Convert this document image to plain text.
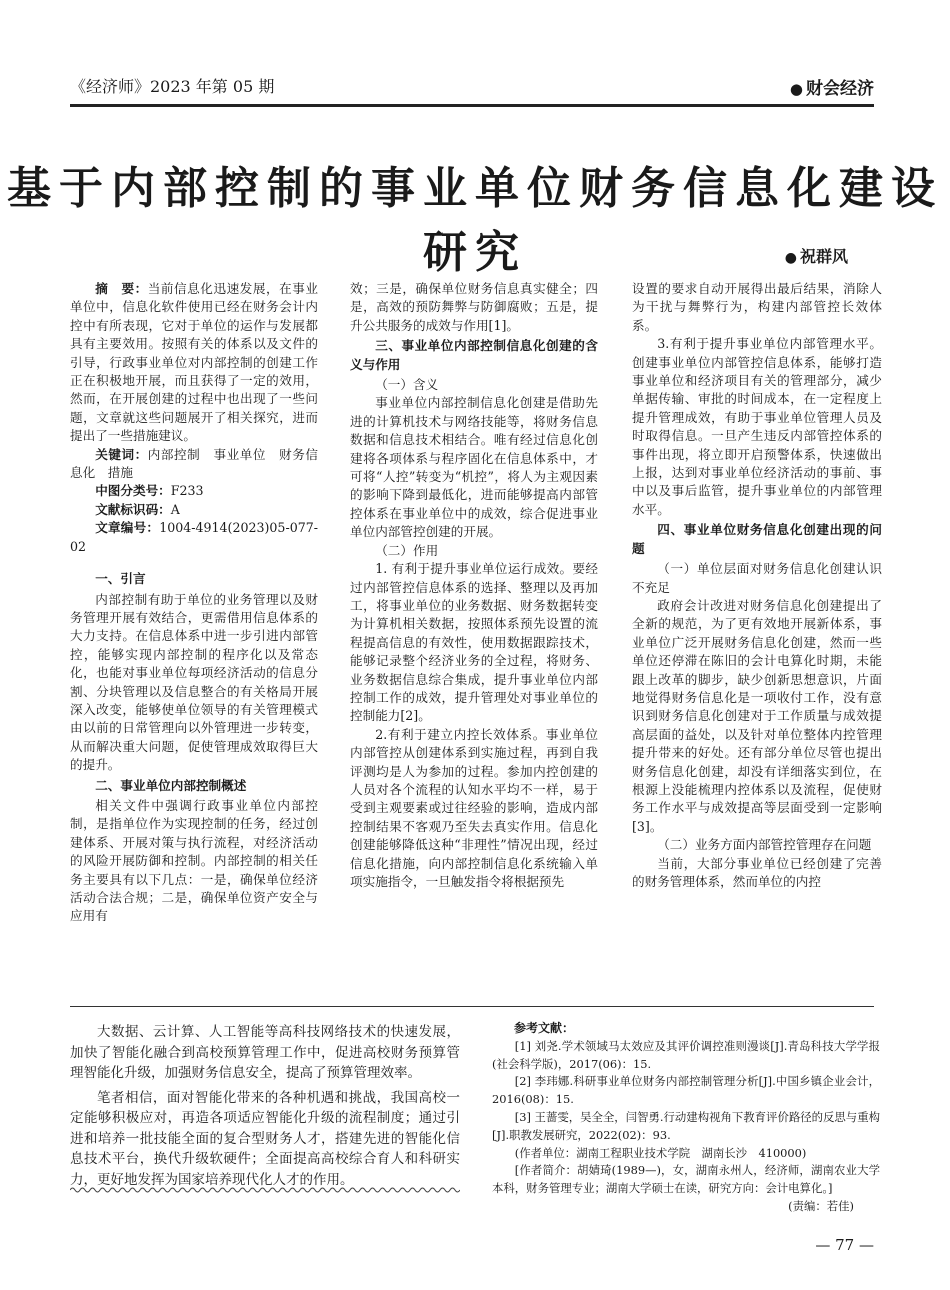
《经济师》2023 年第 05 期	● 财会经济
基于内部控制的事业单位财务信息化建设研究	● 祝群风

摘　要：当前信息化迅速发展，在事业单位中，信息化软件使用已经在财务会计内控中有所表现，它对于单位的运作与发展都具有主要效用。按照有关的体系以及文件的引导，行政事业单位对内部控制的创建工作正在积极地开展，而且获得了一定的效用，然而，在开展创建的过程中也出现了一些问题，文章就这些问题展开了相关探究，进而提出了一些措施建议。

关键词：内部控制　事业单位　财务信息化　措施

中图分类号：F233

文献标识码：A

文章编号：1004-4914(2023)05-077-02

一、引言

内部控制有助于单位的业务管理以及财务管理开展有效结合，更需借用信息体系的大力支持。在信息体系中进一步引进内部管控，能够实现内部控制的程序化以及常态化，也能对事业单位每项经济活动的信息分割、分块管理以及信息整合的有关格局开展深入改变，能够使单位领导的有关管理模式由以前的日常管理向以外管理进一步转变，从而解决重大问题，促使管理成效取得巨大的提升。

二、事业单位内部控制概述

相关文件中强调行政事业单位内部控制，是指单位作为实现控制的任务，经过创建体系、开展对策与执行流程，对经济活动的风险开展防御和控制。内部控制的相关任务主要具有以下几点：一是，确保单位经济活动合法合规；二是，确保单位资产安全与应用有

效；三是，确保单位财务信息真实健全；四是，高效的预防舞弊与防御腐败；五是，提升公共服务的成效与作用[1]。

三、事业单位内部控制信息化创建的含义与作用

（一）含义

事业单位内部控制信息化创建是借助先进的计算机技术与网络技能等，将财务信息数据和信息技术相结合。唯有经过信息化创建将各项体系与程序固化在信息体系中，才可将“人控”转变为“机控”，将人为主观因素的影响下降到最低化，进而能够提高内部管控体系在事业单位中的成效，综合促进事业单位内部管控创建的开展。

（二）作用

1. 有利于提升事业单位运行成效。要经过内部管控信息体系的选择、整理以及再加工，将事业单位的业务数据、财务数据转变为计算机相关数据，按照体系预先设置的流程提高信息的有效性，使用数据跟踪技术，能够记录整个经济业务的全过程，将财务、业务数据信息综合集成，提升事业单位内部控制工作的成效，提升管理处对事业单位的控制能力[2]。

2.有利于建立内控长效体系。事业单位内部管控从创建体系到实施过程，再到自我评测均是人为参加的过程。参加内控创建的人员对各个流程的认知水平均不一样，易于受到主观要素或过往经验的影响，造成内部控制结果不客观乃至失去真实作用。信息化创建能够降低这种“非理性”情况出现，经过信息化措施，向内部控制信息化系统输入单项实施指令，一旦触发指令将根据预先

设置的要求自动开展得出最后结果，消除人为干扰与舞弊行为，构建内部管控长效体系。

3.有利于提升事业单位内部管理水平。创建事业单位内部管控信息体系，能够打造事业单位和经济项目有关的管理部分，减少单据传输、审批的时间成本，在一定程度上提升管理成效，有助于事业单位管理人员及时取得信息。一旦产生违反内部管控体系的事件出现，将立即开启预警体系，快速做出上报，达到对事业单位经济活动的事前、事中以及事后监管，提升事业单位的内部管理水平。

四、事业单位财务信息化创建出现的问题

（一）单位层面对财务信息化创建认识不充足

政府会计改进对财务信息化创建提出了全新的规范，为了更有效地开展新体系，事业单位广泛开展财务信息化创建，然而一些单位还停滞在陈旧的会计电算化时期，未能跟上改革的脚步，缺少创新思想意识，片面地觉得财务信息化是一项收付工作，没有意识到财务信息化创建对于工作质量与成效提高层面的益处，以及针对单位整体内控管理提升带来的好处。还有部分单位尽管也提出财务信息化创建，却没有详细落实到位，在根源上没能梳理内控体系以及流程，促使财务工作水平与成效提高等层面受到一定影响[3]。

（二）业务方面内部管控管理存在问题

当前，大部分事业单位已经创建了完善的财务管理体系，然而单位的内控

大数据、云计算、人工智能等高科技网络技术的快速发展，加快了智能化融合到高校预算管理工作中，促进高校财务预算管理智能化升级，加强财务信息安全，提高了预算管理效率。

笔者相信，面对智能化带来的各种机遇和挑战，我国高校一定能够积极应对，再造各项适应智能化升级的流程制度；通过引进和培养一批技能全面的复合型财务人才，搭建先进的智能化信息技术平台，换代升级软硬件；全面提高高校综合育人和科研实力，更好地发挥为国家培养现代化人才的作用。

参考文献：

[1] 刘尧.学术领域马太效应及其评价调控准则漫谈[J].青岛科技大学学报(社会科学版)，2017(06)：15.

[2] 李玮娜.科研事业单位财务内部控制管理分析[J].中国乡镇企业会计，2016(08)：15.

[3] 王蔷雯，吴全全，闫智勇.行动建构视角下教育评价路径的反思与重构[J].职教发展研究，2022(02)：93.

(作者单位：湖南工程职业技术学院　湖南长沙　410000)

[作者简介：胡婧琦(1989—)，女，湖南永州人，经济师，湖南农业大学本科，财务管理专业；湖南大学硕士在读，研究方向：会计电算化。]

(责编：若佳)
— 77 —
